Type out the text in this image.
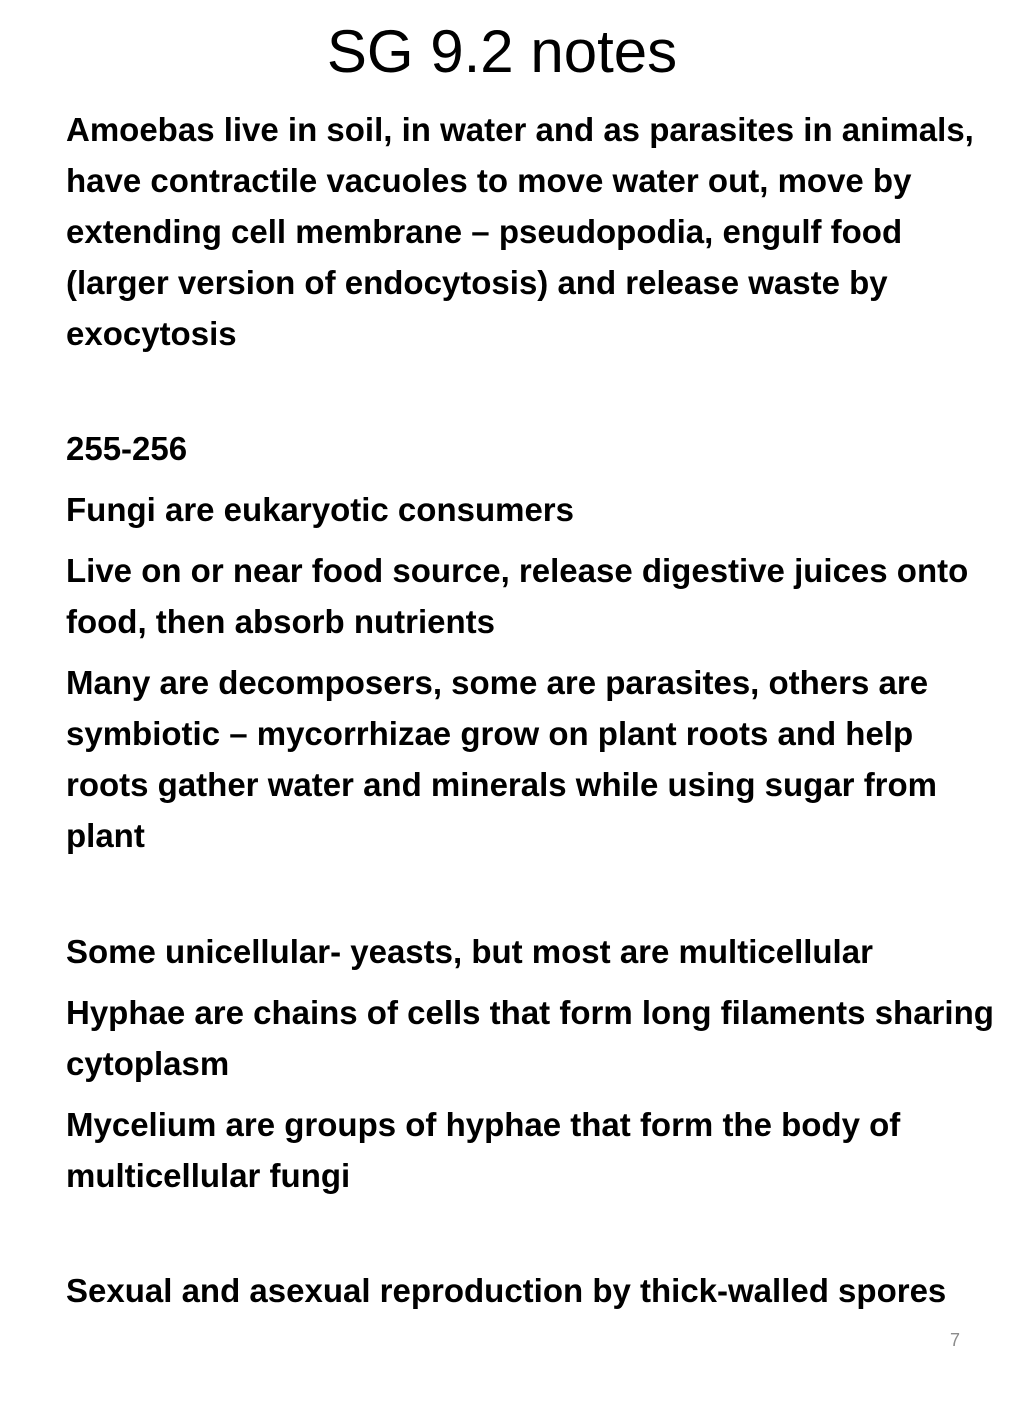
SG 9.2 notes

Amoebas live in soil, in water and as parasites in animals, have contractile vacuoles to move water out, move by extending cell membrane – pseudopodia, engulf food (larger version of endocytosis) and release waste by exocytosis

255-256

Fungi are eukaryotic consumers

Live on or near food source, release digestive juices onto food, then absorb nutrients

Many are decomposers, some are parasites, others are symbiotic – mycorrhizae grow on plant roots and help roots gather water and minerals while using sugar from plant

Some unicellular- yeasts, but most are multicellular

Hyphae are chains of cells that form long filaments sharing cytoplasm

Mycelium are groups of hyphae that form the body of multicellular fungi

Sexual and asexual reproduction by thick-walled spores

7
